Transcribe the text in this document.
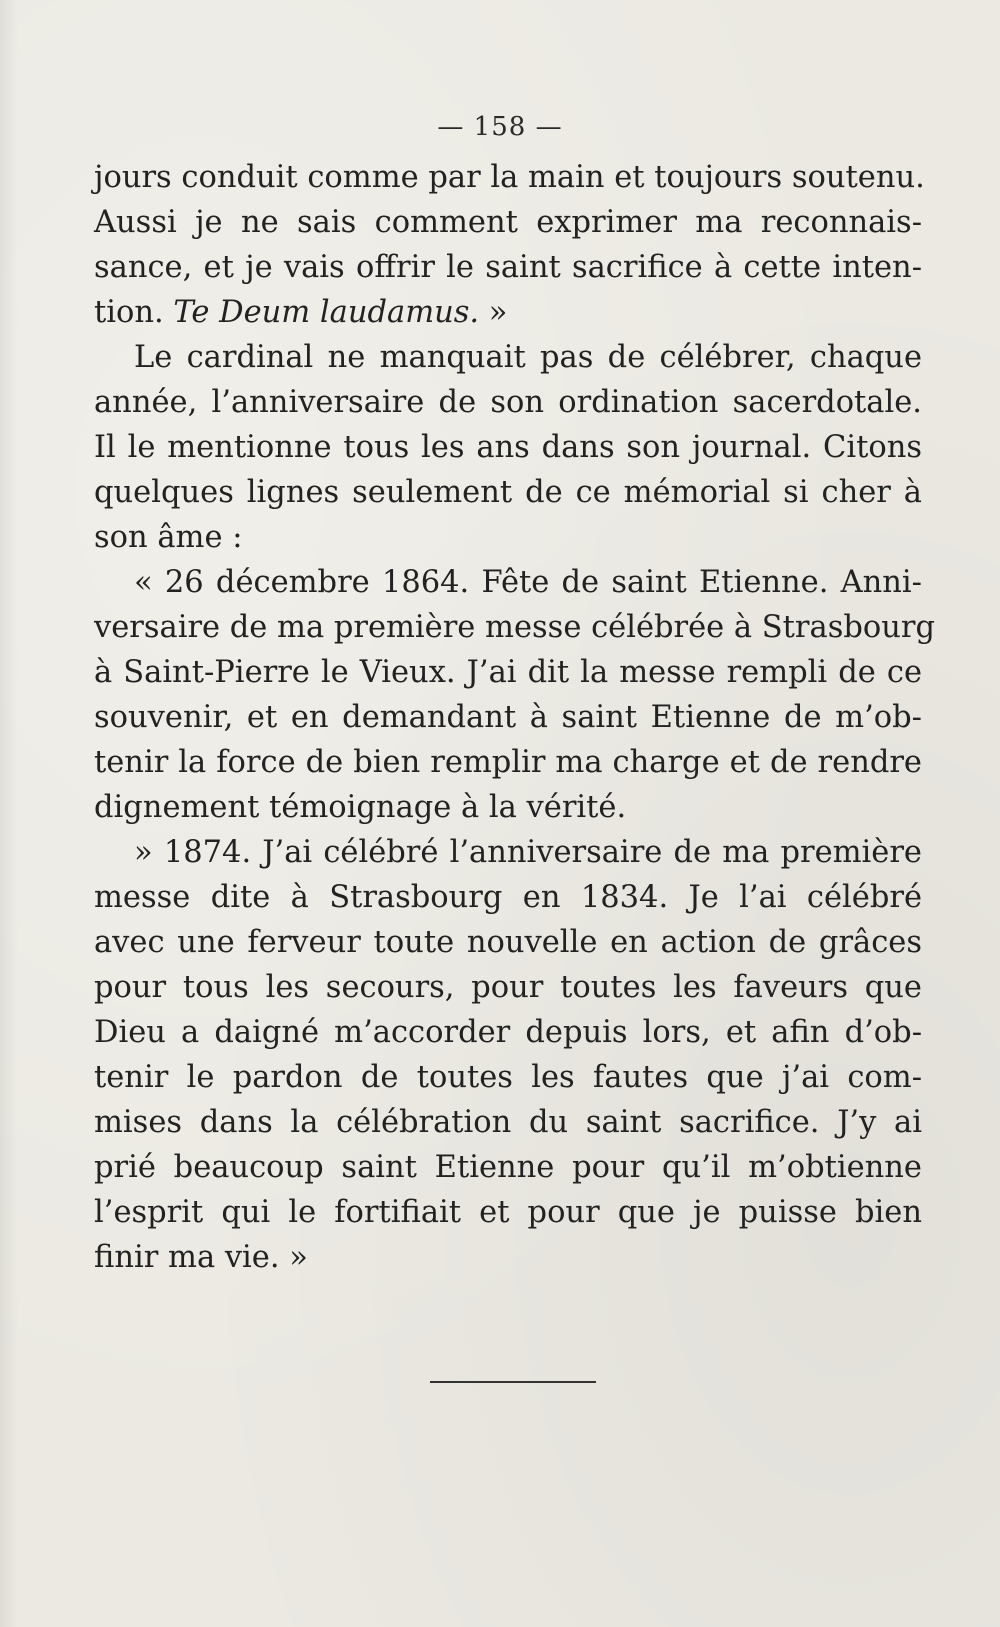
— 158 —
jours conduit comme par la main et toujours soutenu.
Aussi je ne sais comment exprimer ma reconnais-
sance, et je vais offrir le saint sacrifice à cette inten-
tion. Te Deum laudamus. »
Le cardinal ne manquait pas de célébrer, chaque
année, l’anniversaire de son ordination sacerdotale.
Il le mentionne tous les ans dans son journal. Citons
quelques lignes seulement de ce mémorial si cher à
son âme :
« 26 décembre 1864. Fête de saint Etienne. Anni-
versaire de ma première messe célébrée à Strasbourg
à Saint-Pierre le Vieux. J’ai dit la messe rempli de ce
souvenir, et en demandant à saint Etienne de m’ob-
tenir la force de bien remplir ma charge et de rendre
dignement témoignage à la vérité.
» 1874. J’ai célébré l’anniversaire de ma première
messe dite à Strasbourg en 1834. Je l’ai célébré
avec une ferveur toute nouvelle en action de grâces
pour tous les secours, pour toutes les faveurs que
Dieu a daigné m’accorder depuis lors, et afin d’ob-
tenir le pardon de toutes les fautes que j’ai com-
mises dans la célébration du saint sacrifice. J’y ai
prié beaucoup saint Etienne pour qu’il m’obtienne
l’esprit qui le fortifiait et pour que je puisse bien
finir ma vie. »
